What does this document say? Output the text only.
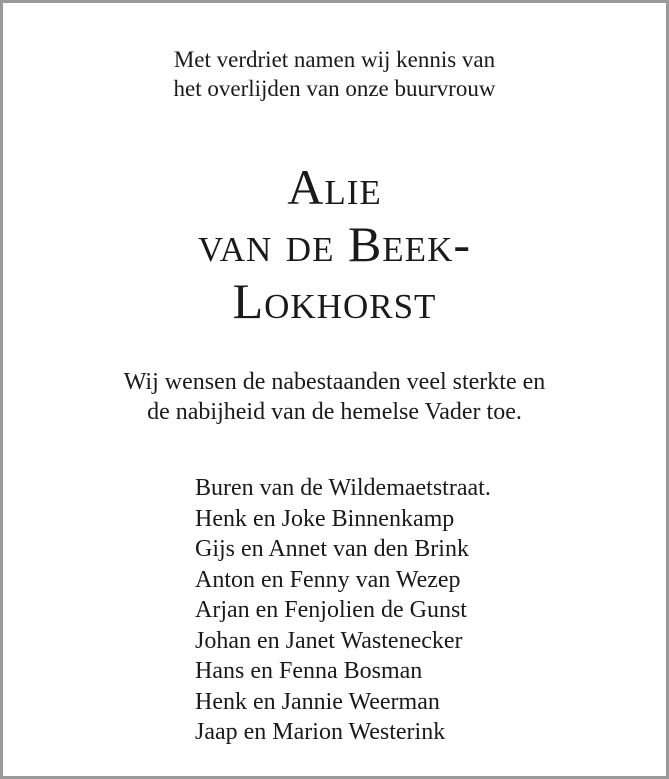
Met verdriet namen wij kennis van
het overlijden van onze buurvrouw
Alie
van de Beek-
Lokhorst
Wij wensen de nabestaanden veel sterkte en
de nabijheid van de hemelse Vader toe.
Buren van de Wildemaetstraat.
Henk en Joke Binnenkamp
Gijs en Annet van den Brink
Anton en Fenny van Wezep
Arjan en Fenjolien de Gunst
Johan en Janet Wastenecker
Hans en Fenna Bosman
Henk en Jannie Weerman
Jaap en Marion Westerink
